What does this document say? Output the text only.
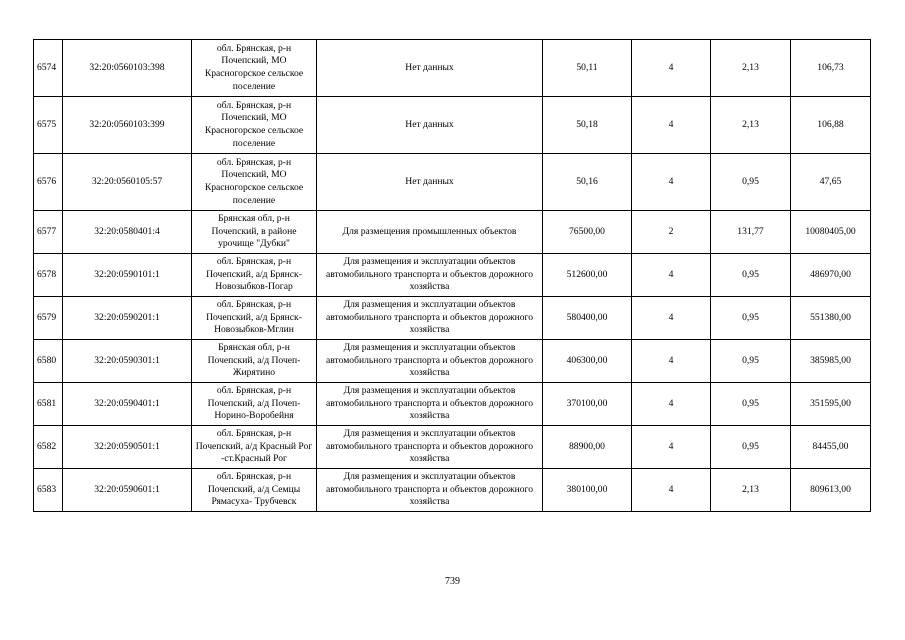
6574	32:20:0560103:398	обл. Брянская, р-н Почепский, МО Красногорское сельское поселение	Нет данных	50,11	4	2,13	106,73
6575	32:20:0560103:399	обл. Брянская, р-н Почепский, МО Красногорское сельское поселение	Нет данных	50,18	4	2,13	106,88
6576	32:20:0560105:57	обл. Брянская, р-н Почепский, МО Красногорское сельское поселение	Нет данных	50,16	4	0,95	47,65
6577	32:20:0580401:4	Брянская обл, р-н Почепский, в районе урочище "Дубки"	Для размещения промышленных объектов	76500,00	2	131,77	10080405,00
6578	32:20:0590101:1	обл. Брянская, р-н Почепский, а/д Брянск-Новозыбков-Погар	Для размещения и эксплуатации объектов автомобильного транспорта и объектов дорожного хозяйства	512600,00	4	0,95	486970,00
6579	32:20:0590201:1	обл. Брянская, р-н Почепский, а/д Брянск-Новозыбков-Мглин	Для размещения и эксплуатации объектов автомобильного транспорта и объектов дорожного хозяйства	580400,00	4	0,95	551380,00
6580	32:20:0590301:1	Брянская обл, р-н Почепский, а/д Почеп-Жирятино	Для размещения и эксплуатации объектов автомобильного транспорта и объектов дорожного хозяйства	406300,00	4	0,95	385985,00
6581	32:20:0590401:1	обл. Брянская, р-н Почепский, а/д Почеп-Норино-Воробейня	Для размещения и эксплуатации объектов автомобильного транспорта и объектов дорожного хозяйства	370100,00	4	0,95	351595,00
6582	32:20:0590501:1	обл. Брянская, р-н Почепский, а/д Красный Рог -ст.Красный Рог	Для размещения и эксплуатации объектов автомобильного транспорта и объектов дорожного хозяйства	88900,00	4	0,95	84455,00
6583	32:20:0590601:1	обл. Брянская, р-н Почепский, а/д Семцы Рямасуха- Трубчевск	Для размещения и эксплуатации объектов автомобильного транспорта и объектов дорожного хозяйства	380100,00	4	2,13	809613,00
739
